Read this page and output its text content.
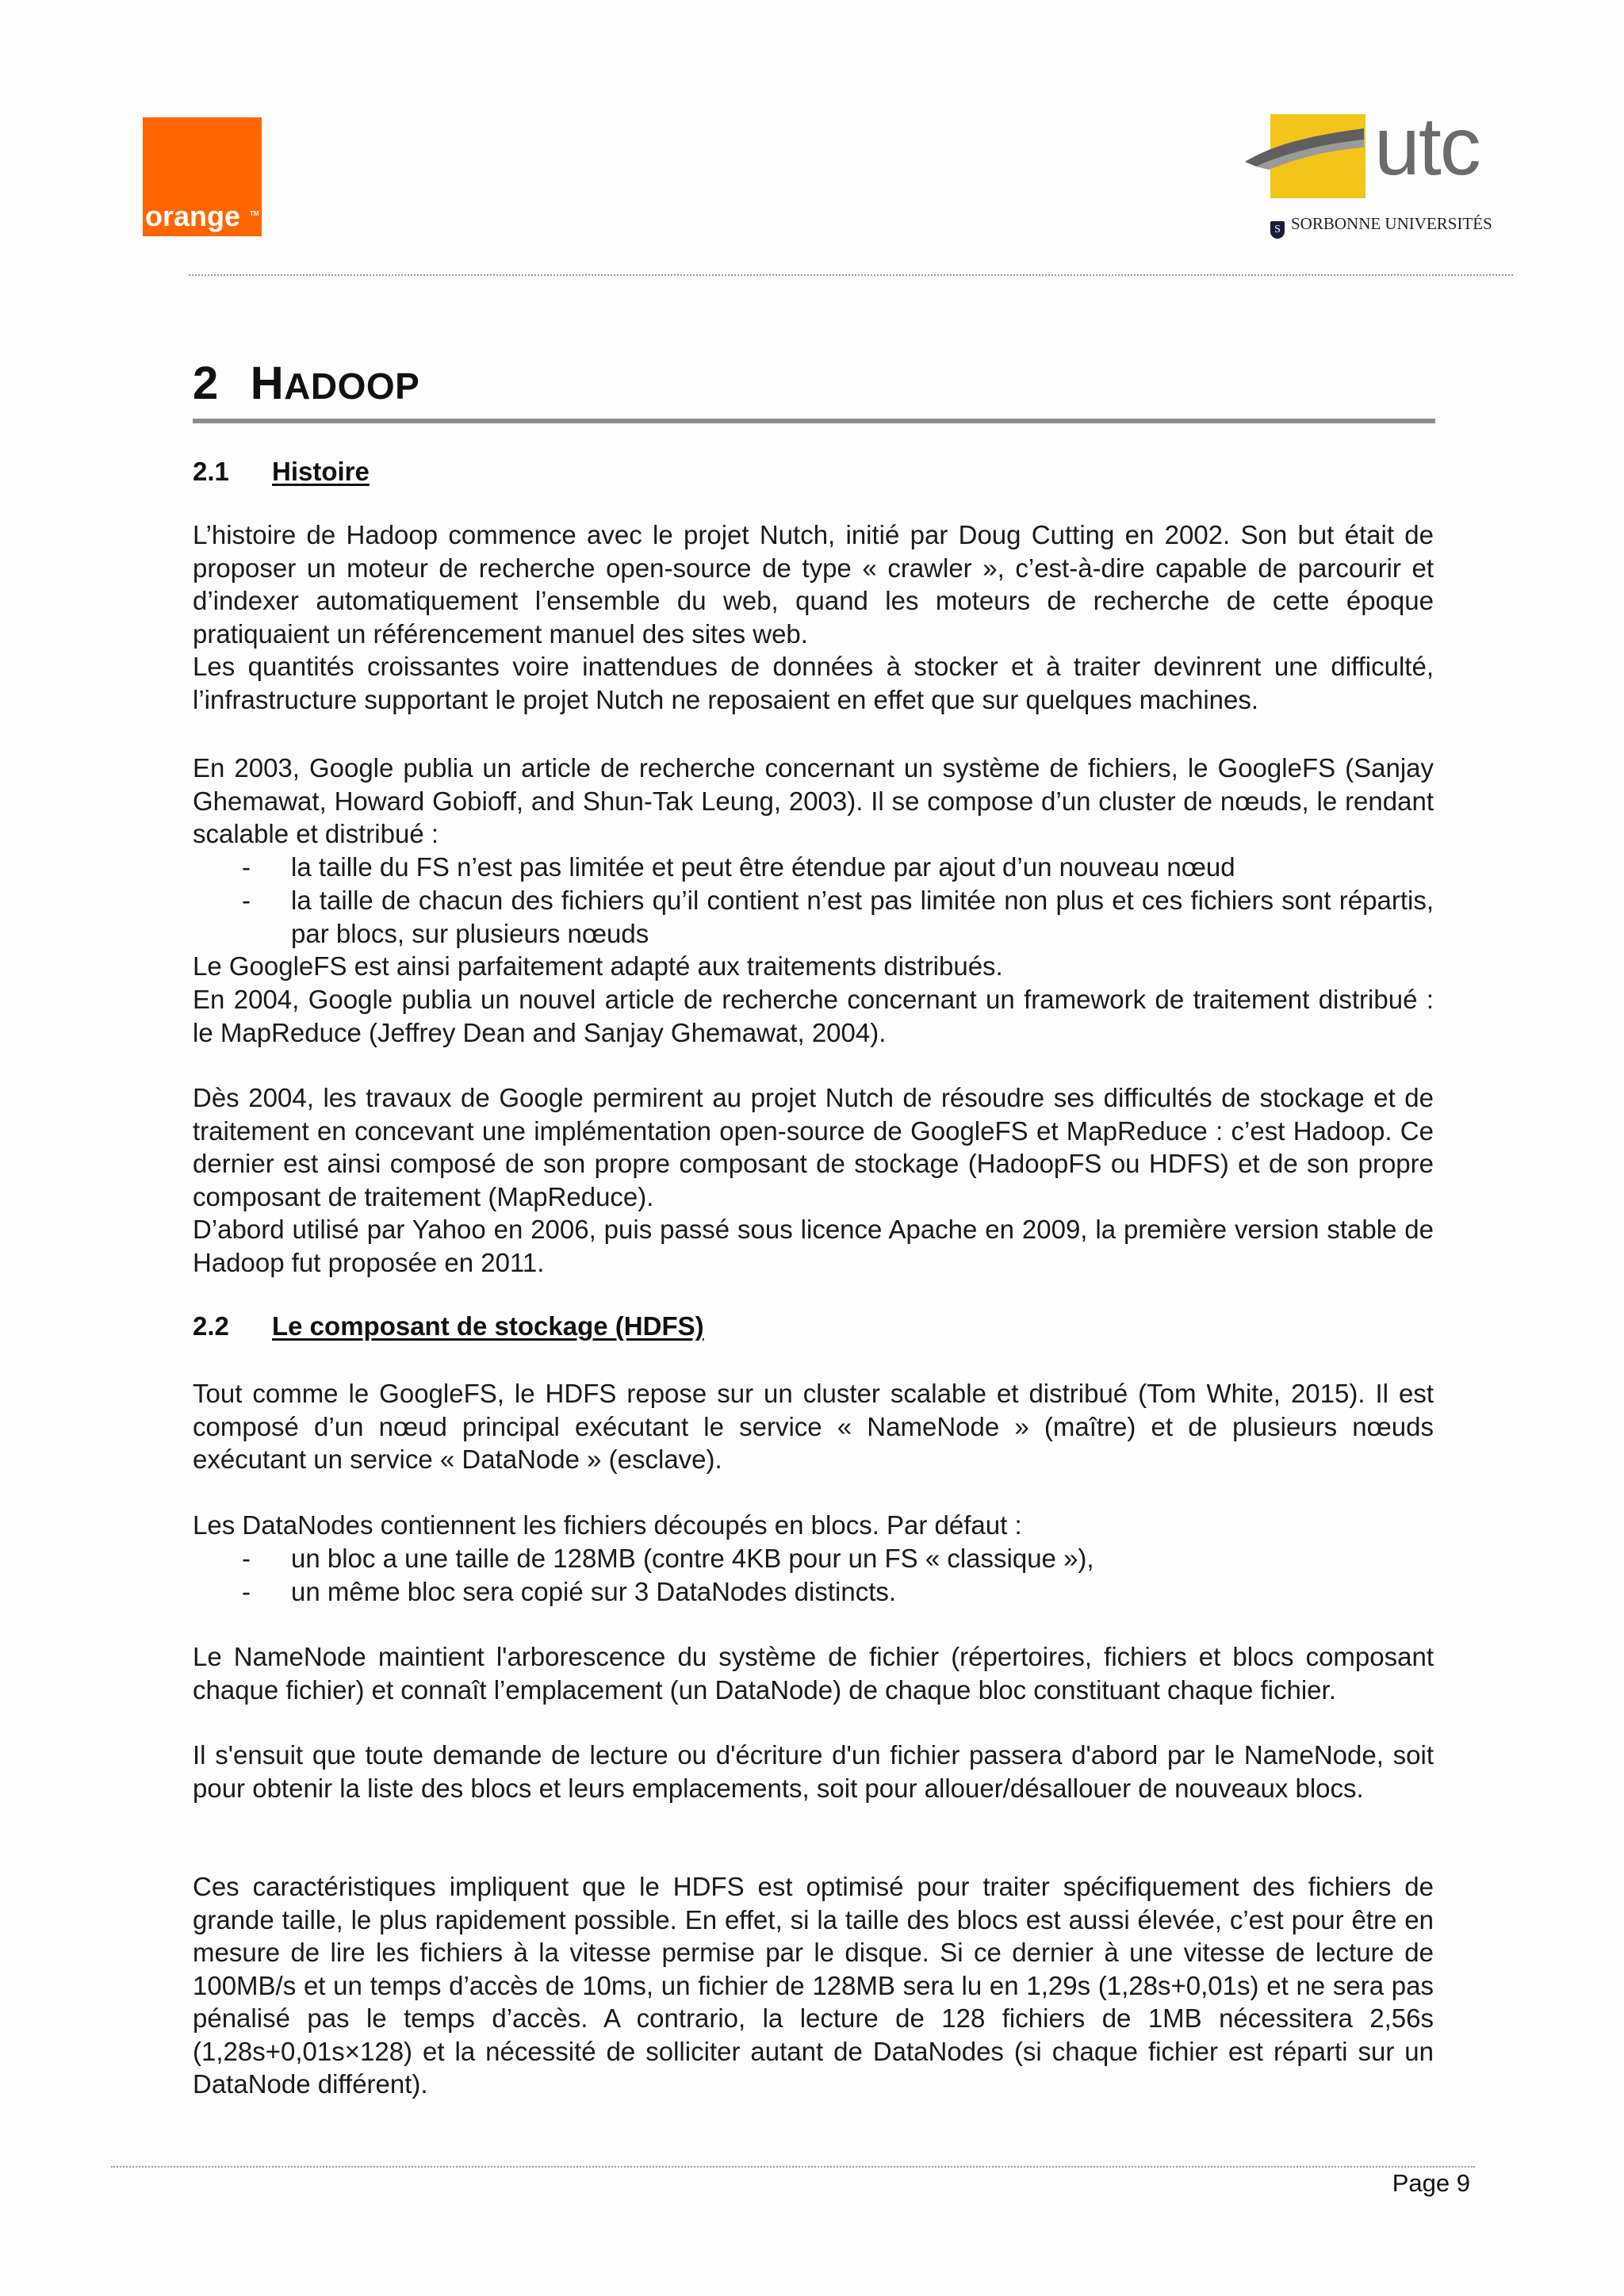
orange TM
utc
S SORBONNE UNIVERSITÉS
2 HADOOP
2.1 Histoire
L’histoire de Hadoop commence avec le projet Nutch, initié par Doug Cutting en 2002. Son but était de proposer un moteur de recherche open-source de type « crawler », c’est-à-dire capable de parcourir et d’indexer automatiquement l’ensemble du web, quand les moteurs de recherche de cette époque pratiquaient un référencement manuel des sites web.
Les quantités croissantes voire inattendues de données à stocker et à traiter devinrent une difficulté, l’infrastructure supportant le projet Nutch ne reposaient en effet que sur quelques machines.
En 2003, Google publia un article de recherche concernant un système de fichiers, le GoogleFS (Sanjay Ghemawat, Howard Gobioff, and Shun-Tak Leung, 2003). Il se compose d’un cluster de nœuds, le rendant scalable et distribué :
- la taille du FS n’est pas limitée et peut être étendue par ajout d’un nouveau nœud
- la taille de chacun des fichiers qu’il contient n’est pas limitée non plus et ces fichiers sont répartis, par blocs, sur plusieurs nœuds
Le GoogleFS est ainsi parfaitement adapté aux traitements distribués.
En 2004, Google publia un nouvel article de recherche concernant un framework de traitement distribué : le MapReduce (Jeffrey Dean and Sanjay Ghemawat, 2004).
Dès 2004, les travaux de Google permirent au projet Nutch de résoudre ses difficultés de stockage et de traitement en concevant une implémentation open-source de GoogleFS et MapReduce : c’est Hadoop. Ce dernier est ainsi composé de son propre composant de stockage (HadoopFS ou HDFS) et de son propre composant de traitement (MapReduce).
D’abord utilisé par Yahoo en 2006, puis passé sous licence Apache en 2009, la première version stable de Hadoop fut proposée en 2011.
2.2 Le composant de stockage (HDFS)
Tout comme le GoogleFS, le HDFS repose sur un cluster scalable et distribué (Tom White, 2015). Il est composé d’un nœud principal exécutant le service « NameNode » (maître) et de plusieurs nœuds exécutant un service « DataNode » (esclave).
Les DataNodes contiennent les fichiers découpés en blocs. Par défaut :
- un bloc a une taille de 128MB (contre 4KB pour un FS « classique »),
- un même bloc sera copié sur 3 DataNodes distincts.
Le NameNode maintient l'arborescence du système de fichier (répertoires, fichiers et blocs composant chaque fichier) et connaît l’emplacement (un DataNode) de chaque bloc constituant chaque fichier.
Il s'ensuit que toute demande de lecture ou d'écriture d'un fichier passera d'abord par le NameNode, soit pour obtenir la liste des blocs et leurs emplacements, soit pour allouer/désallouer de nouveaux blocs.
Ces caractéristiques impliquent que le HDFS est optimisé pour traiter spécifiquement des fichiers de grande taille, le plus rapidement possible. En effet, si la taille des blocs est aussi élevée, c’est pour être en mesure de lire les fichiers à la vitesse permise par le disque. Si ce dernier à une vitesse de lecture de 100MB/s et un temps d’accès de 10ms, un fichier de 128MB sera lu en 1,29s (1,28s+0,01s) et ne sera pas pénalisé pas le temps d’accès. A contrario, la lecture de 128 fichiers de 1MB nécessitera 2,56s (1,28s+0,01s×128) et la nécessité de solliciter autant de DataNodes (si chaque fichier est réparti sur un DataNode différent).
Page 9
